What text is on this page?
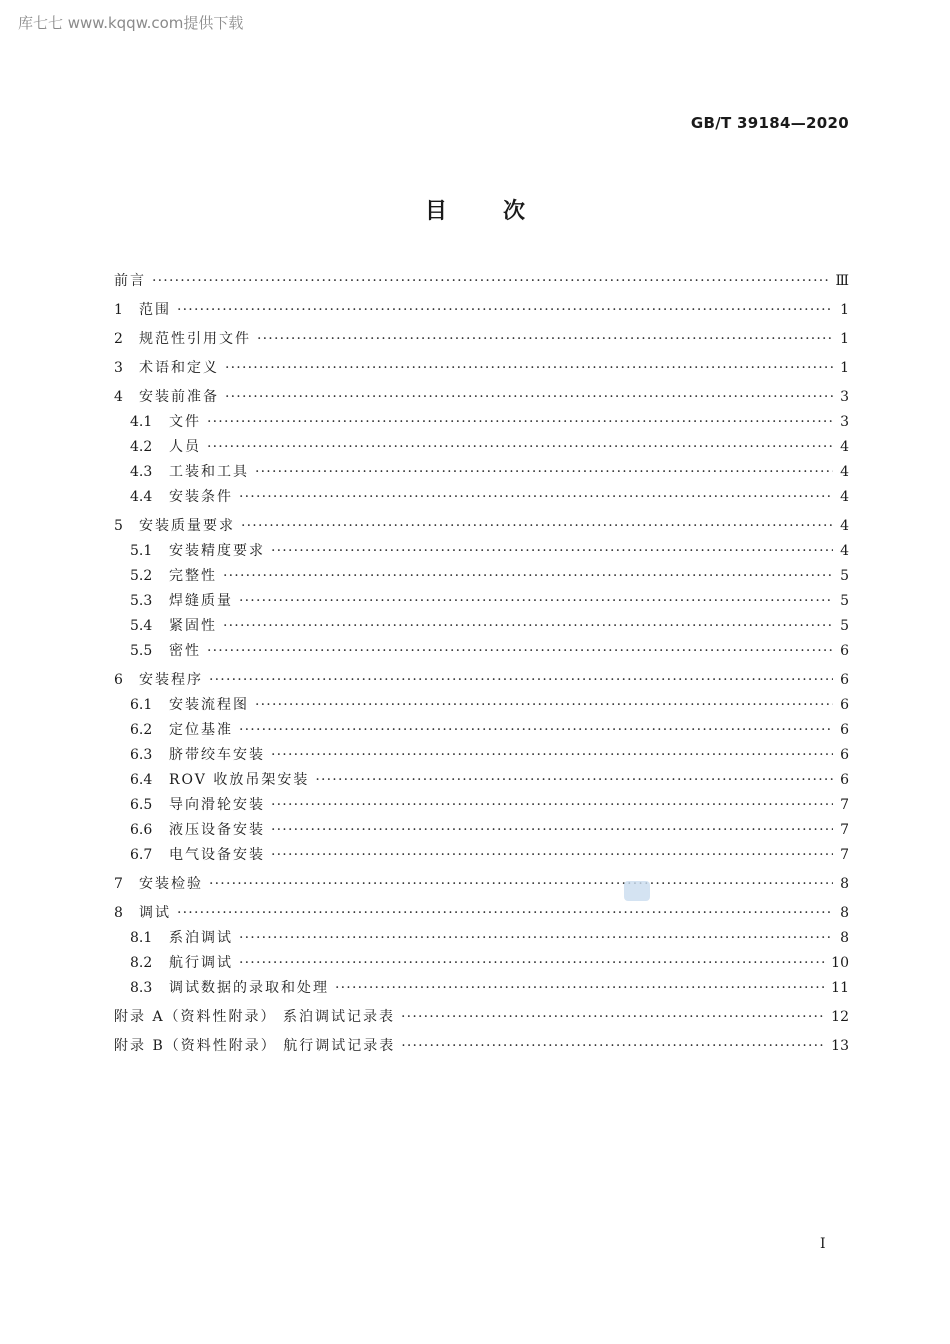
库七七 www.kqqw.com提供下载
GB/T 39184—2020
目	次
前言 ·····	Ⅲ
1	范围 ·····	1
2	规范性引用文件 ·····	1
3	术语和定义 ·····	1
4	安装前准备 ·····	3
4.1	文件 ·····	3
4.2	人员 ·····	4
4.3	工装和工具 ·····	4
4.4	安装条件 ·····	4
5	安装质量要求 ·····	4
5.1	安装精度要求 ·····	4
5.2	完整性 ·····	5
5.3	焊缝质量 ·····	5
5.4	紧固性 ·····	5
5.5	密性 ·····	6
6	安装程序 ·····	6
6.1	安装流程图 ·····	6
6.2	定位基准 ·····	6
6.3	脐带绞车安装 ·····	6
6.4	ROV 收放吊架安装 ·····	6
6.5	导向滑轮安装 ·····	7
6.6	液压设备安装 ·····	7
6.7	电气设备安装 ·····	7
7	安装检验 ·····	8
8	调试 ·····	8
8.1	系泊调试 ·····	8
8.2	航行调试 ·····	10
8.3	调试数据的录取和处理 ·····	11
附录 A（资料性附录） 系泊调试记录表 ·····	12
附录 B（资料性附录） 航行调试记录表 ·····	13
I
